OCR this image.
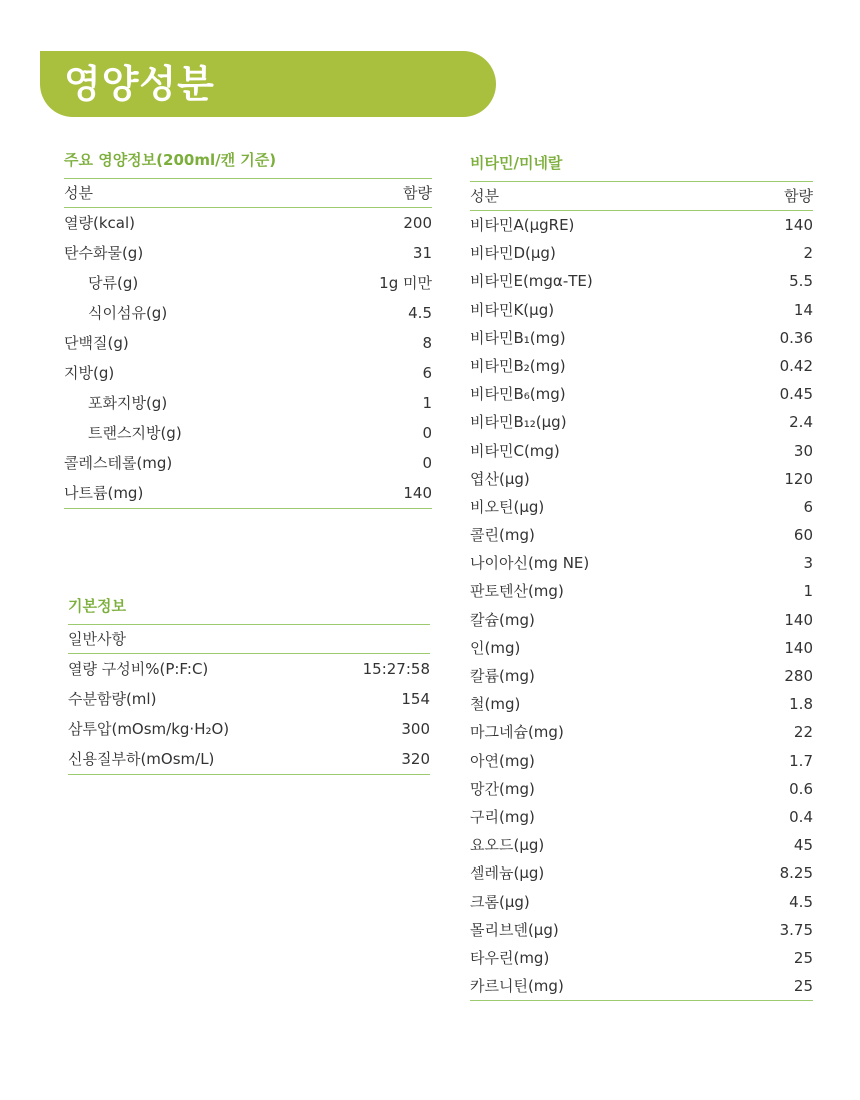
영양성분
주요 영양정보(200ml/캔 기준)
성분	함량
열량(kcal)	200
탄수화물(g)	31
당류(g)	1g 미만
식이섬유(g)	4.5
단백질(g)	8
지방(g)	6
포화지방(g)	1
트랜스지방(g)	0
콜레스테롤(mg)	0
나트륨(mg)	140
기본정보
일반사항
열량 구성비%(P:F:C)	15:27:58
수분함량(ml)	154
삼투압(mOsm/kg·H₂O)	300
신용질부하(mOsm/L)	320
비타민/미네랄
성분	함량
비타민A(μgRE)	140
비타민D(μg)	2
비타민E(mgα-TE)	5.5
비타민K(μg)	14
비타민B₁(mg)	0.36
비타민B₂(mg)	0.42
비타민B₆(mg)	0.45
비타민B₁₂(μg)	2.4
비타민C(mg)	30
엽산(μg)	120
비오틴(μg)	6
콜린(mg)	60
나이아신(mg NE)	3
판토텐산(mg)	1
칼슘(mg)	140
인(mg)	140
칼륨(mg)	280
철(mg)	1.8
마그네슘(mg)	22
아연(mg)	1.7
망간(mg)	0.6
구리(mg)	0.4
요오드(μg)	45
셀레늄(μg)	8.25
크롬(μg)	4.5
몰리브덴(μg)	3.75
타우린(mg)	25
카르니틴(mg)	25
